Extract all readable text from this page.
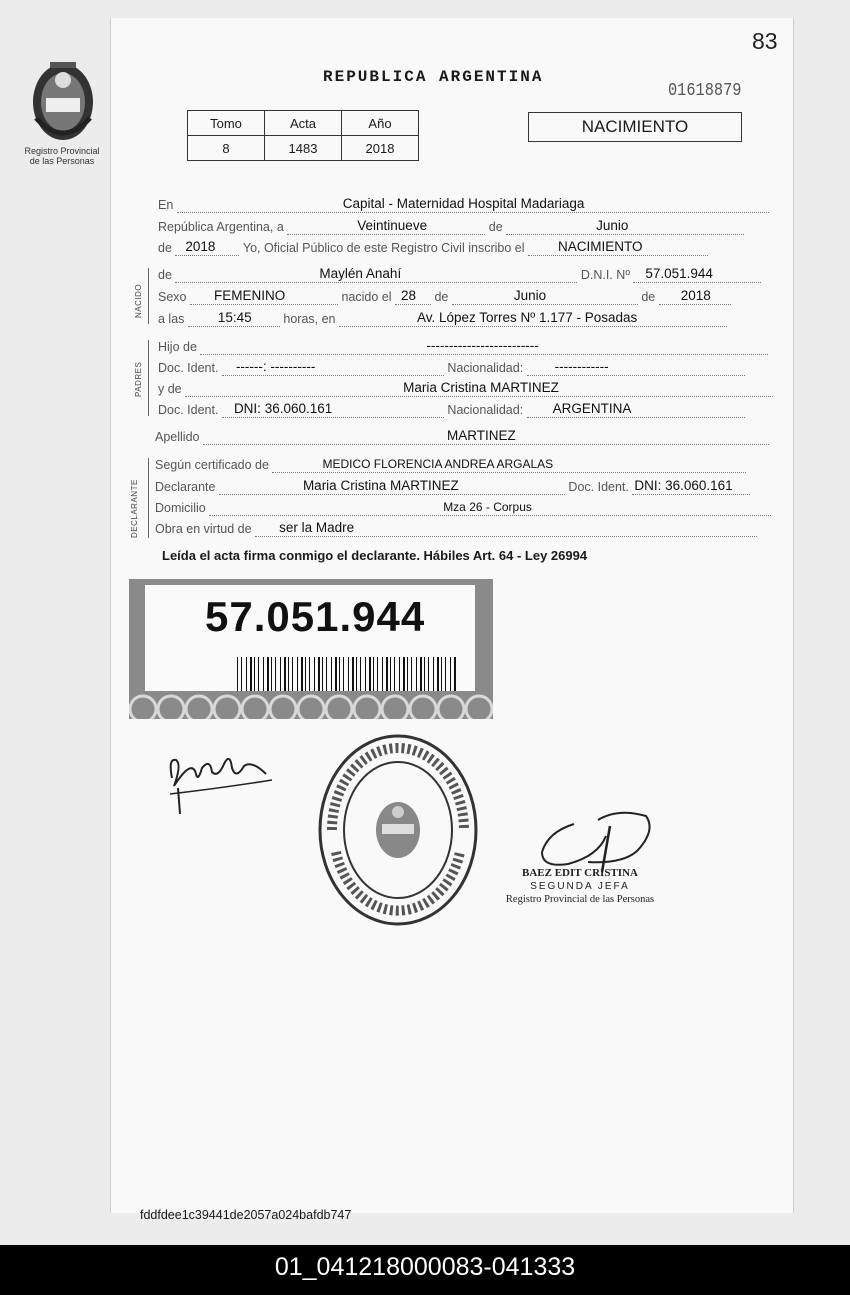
83
Registro Provincial
de las Personas
REPUBLICA ARGENTINA
01618879
Tomo	Acta	Año
8	1483	2018
NACIMIENTO
NACIDO
PADRES
DECLARANTE
En	Capital - Maternidad Hospital Madariaga
República Argentina, a	Veintinueve	de	Junio
de 2018 Yo, Oficial Público de este Registro Civil inscribo el NACIMIENTO
de	Maylén Anahí	D.N.I. Nº 57.051.944
Sexo FEMENINO	nacido el 28 de	Junio	de 2018
a las 15:45	horas, en	Av. López Torres Nº 1.177 - Posadas
Hijo de	-------------------------
Doc. Ident. ------: ----------	Nacionalidad: ------------
y de	Maria Cristina MARTINEZ
Doc. Ident. DNI: 36.060.161	Nacionalidad: ARGENTINA
Apellido	MARTINEZ
Según certificado de	MEDICO FLORENCIA ANDREA ARGALAS
Declarante	Maria Cristina MARTINEZ	Doc. Ident. DNI: 36.060.161
Domicilio	Mza 26 - Corpus
Obra en virtud de ser la Madre
Leída el acta firma conmigo el declarante. Hábiles Art. 64 - Ley 26994
57.051.944
BAEZ EDIT CRISTINA
SEGUNDA JEFA
Registro Provincial de las Personas
fddfdee1c39441de2057a024bafdb747
01_041218000083-041333
